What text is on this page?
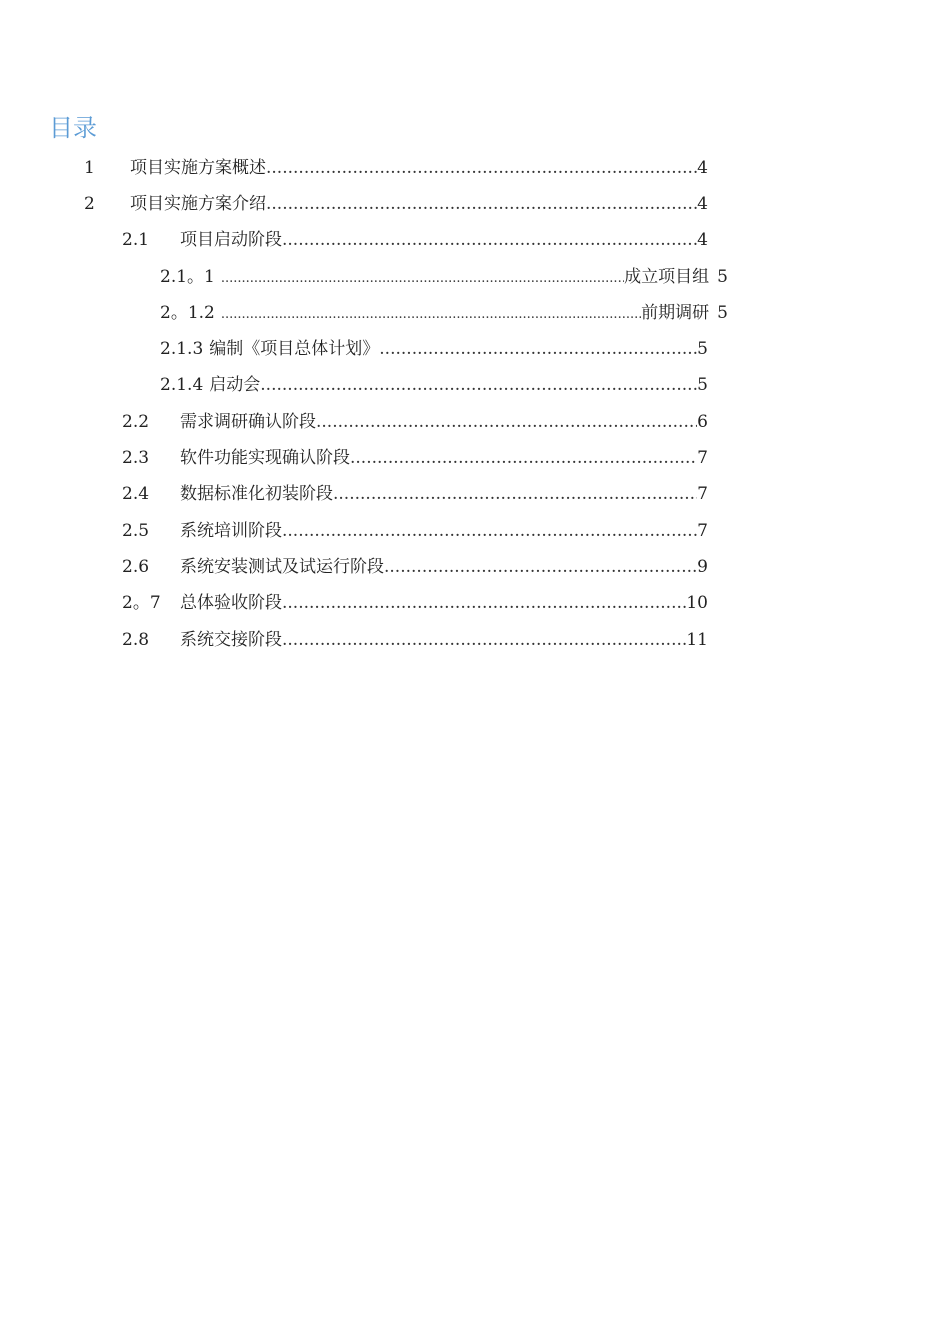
目录
1	项目实施方案概述 .....	4
2	项目实施方案介绍 .....	4
2.1	项目启动阶段 .....	4
2.1。1 .....	成立项目组 5
2。1.2 .....	前期调研 5
2.1.3 编制《项目总体计划》 .....	5
2.1.4 启动会 .....	5
2.2	需求调研确认阶段 .....	6
2.3	软件功能实现确认阶段 .....	7
2.4	数据标准化初装阶段 .....	7
2.5	系统培训阶段 .....	7
2.6	系统安装测试及试运行阶段 .....	9
2。7	总体验收阶段 .....	10
2.8	系统交接阶段 .....	11
